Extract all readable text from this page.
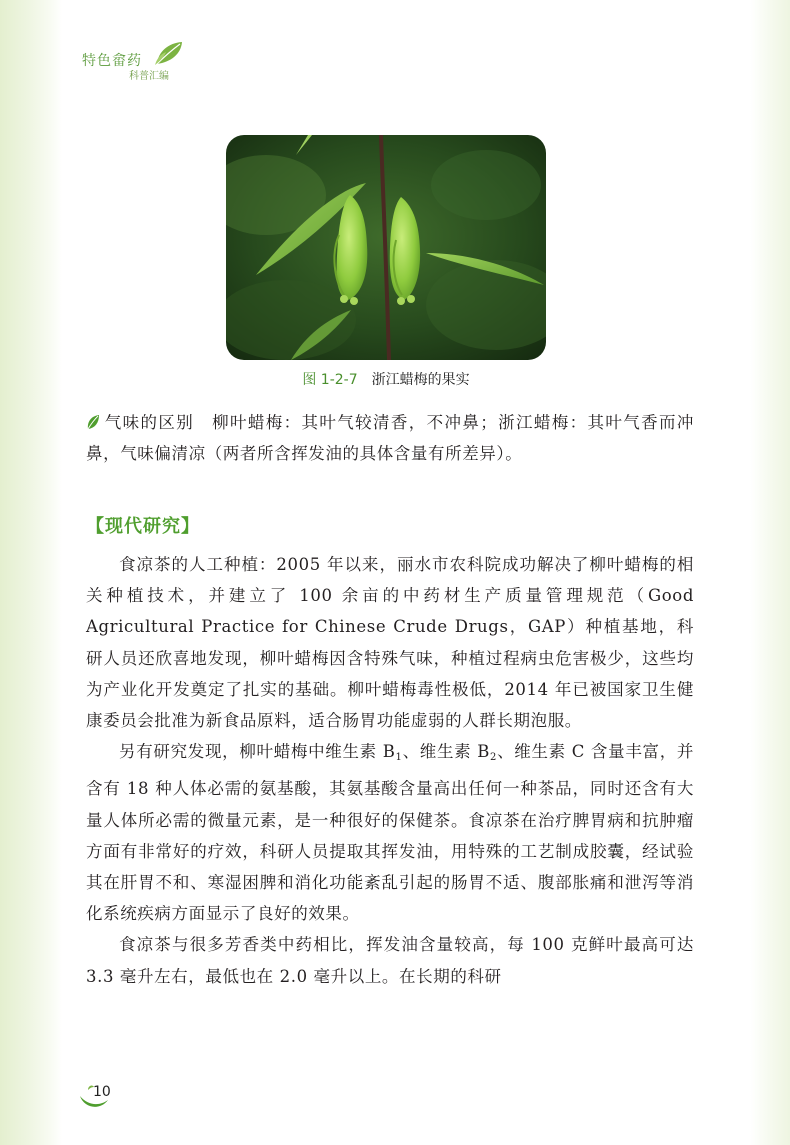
特色畲药
科普汇编
图 1-2-7 浙江蜡梅的果实

气味的区别 柳叶蜡梅：其叶气较清香，不冲鼻；浙江蜡梅：其叶气香而冲鼻，气味偏清凉（两者所含挥发油的具体含量有所差异）。

【现代研究】

食凉茶的人工种植：2005 年以来，丽水市农科院成功解决了柳叶蜡梅的相关种植技术，并建立了 100 余亩的中药材生产质量管理规范（Good Agricultural Practice for Chinese Crude Drugs，GAP）种植基地，科研人员还欣喜地发现，柳叶蜡梅因含特殊气味，种植过程病虫危害极少，这些均为产业化开发奠定了扎实的基础。柳叶蜡梅毒性极低，2014 年已被国家卫生健康委员会批准为新食品原料，适合肠胃功能虚弱的人群长期泡服。

另有研究发现，柳叶蜡梅中维生素 $B_1$、维生素 $B_2$、维生素 C 含量丰富，并含有 18 种人体必需的氨基酸，其氨基酸含量高出任何一种茶品，同时还含有大量人体所必需的微量元素，是一种很好的保健茶。食凉茶在治疗脾胃病和抗肿瘤方面有非常好的疗效，科研人员提取其挥发油，用特殊的工艺制成胶囊，经试验其在肝胃不和、寒湿困脾和消化功能紊乱引起的肠胃不适、腹部胀痛和泄泻等消化系统疾病方面显示了良好的效果。

食凉茶与很多芳香类中药相比，挥发油含量较高，每 100 克鲜叶最高可达 3.3 毫升左右，最低也在 2.0 毫升以上。在长期的科研

10
